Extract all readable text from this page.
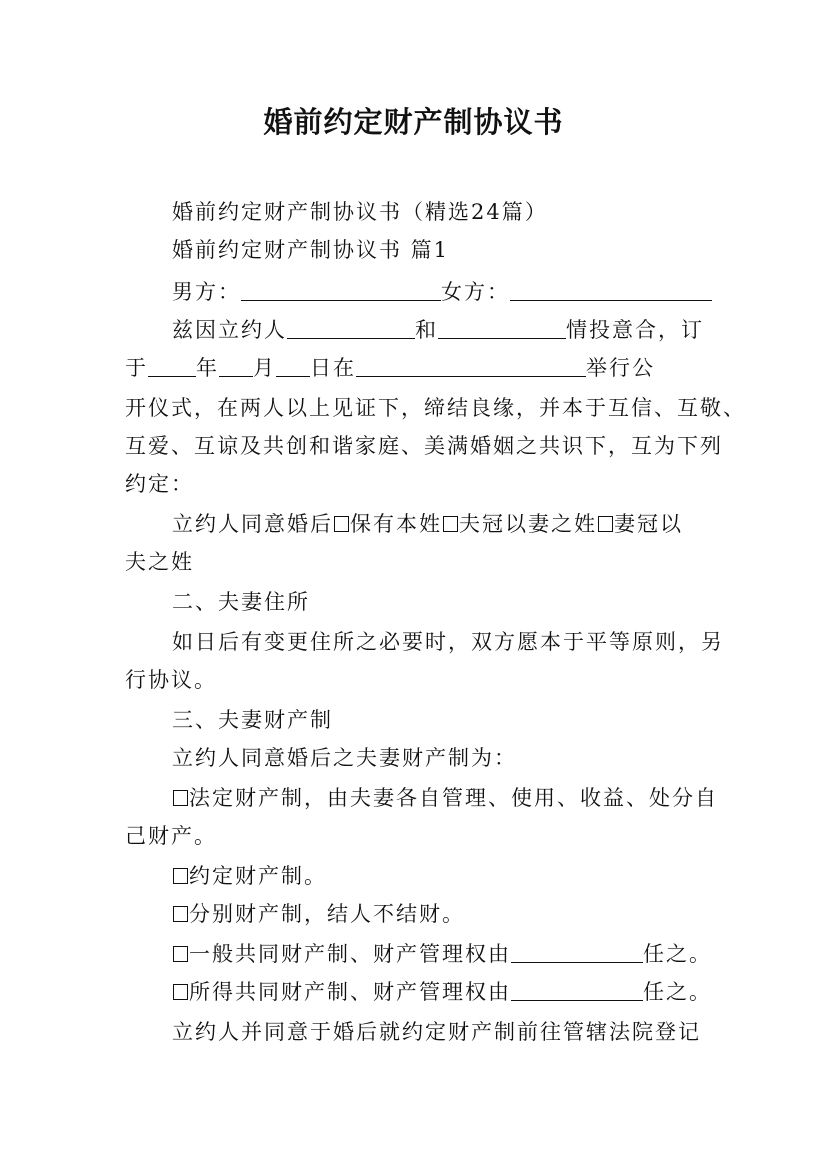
婚前约定财产制协议书
婚前约定财产制协议书（精选24篇）
婚前约定财产制协议书 篇1
男方：	女方：
兹因立约人	和	情投意合，订
于 年 月 日在	举行公
开仪式，在两人以上见证下，缔结良缘，并本于互信、互敬、
互爱、互谅及共创和谐家庭、美满婚姻之共识下，互为下列
约定：
立约人同意婚后 保有本姓 夫冠以妻之姓 妻冠以
夫之姓
二、夫妻住所
如日后有变更住所之必要时，双方愿本于平等原则，另
行协议。
三、夫妻财产制
立约人同意婚后之夫妻财产制为：
法定财产制，由夫妻各自管理、使用、收益、处分自
己财产。
约定财产制。
分别财产制，结人不结财。
一般共同财产制、财产管理权由	任之。
所得共同财产制、财产管理权由	任之。
立约人并同意于婚后就约定财产制前往管辖法院登记
